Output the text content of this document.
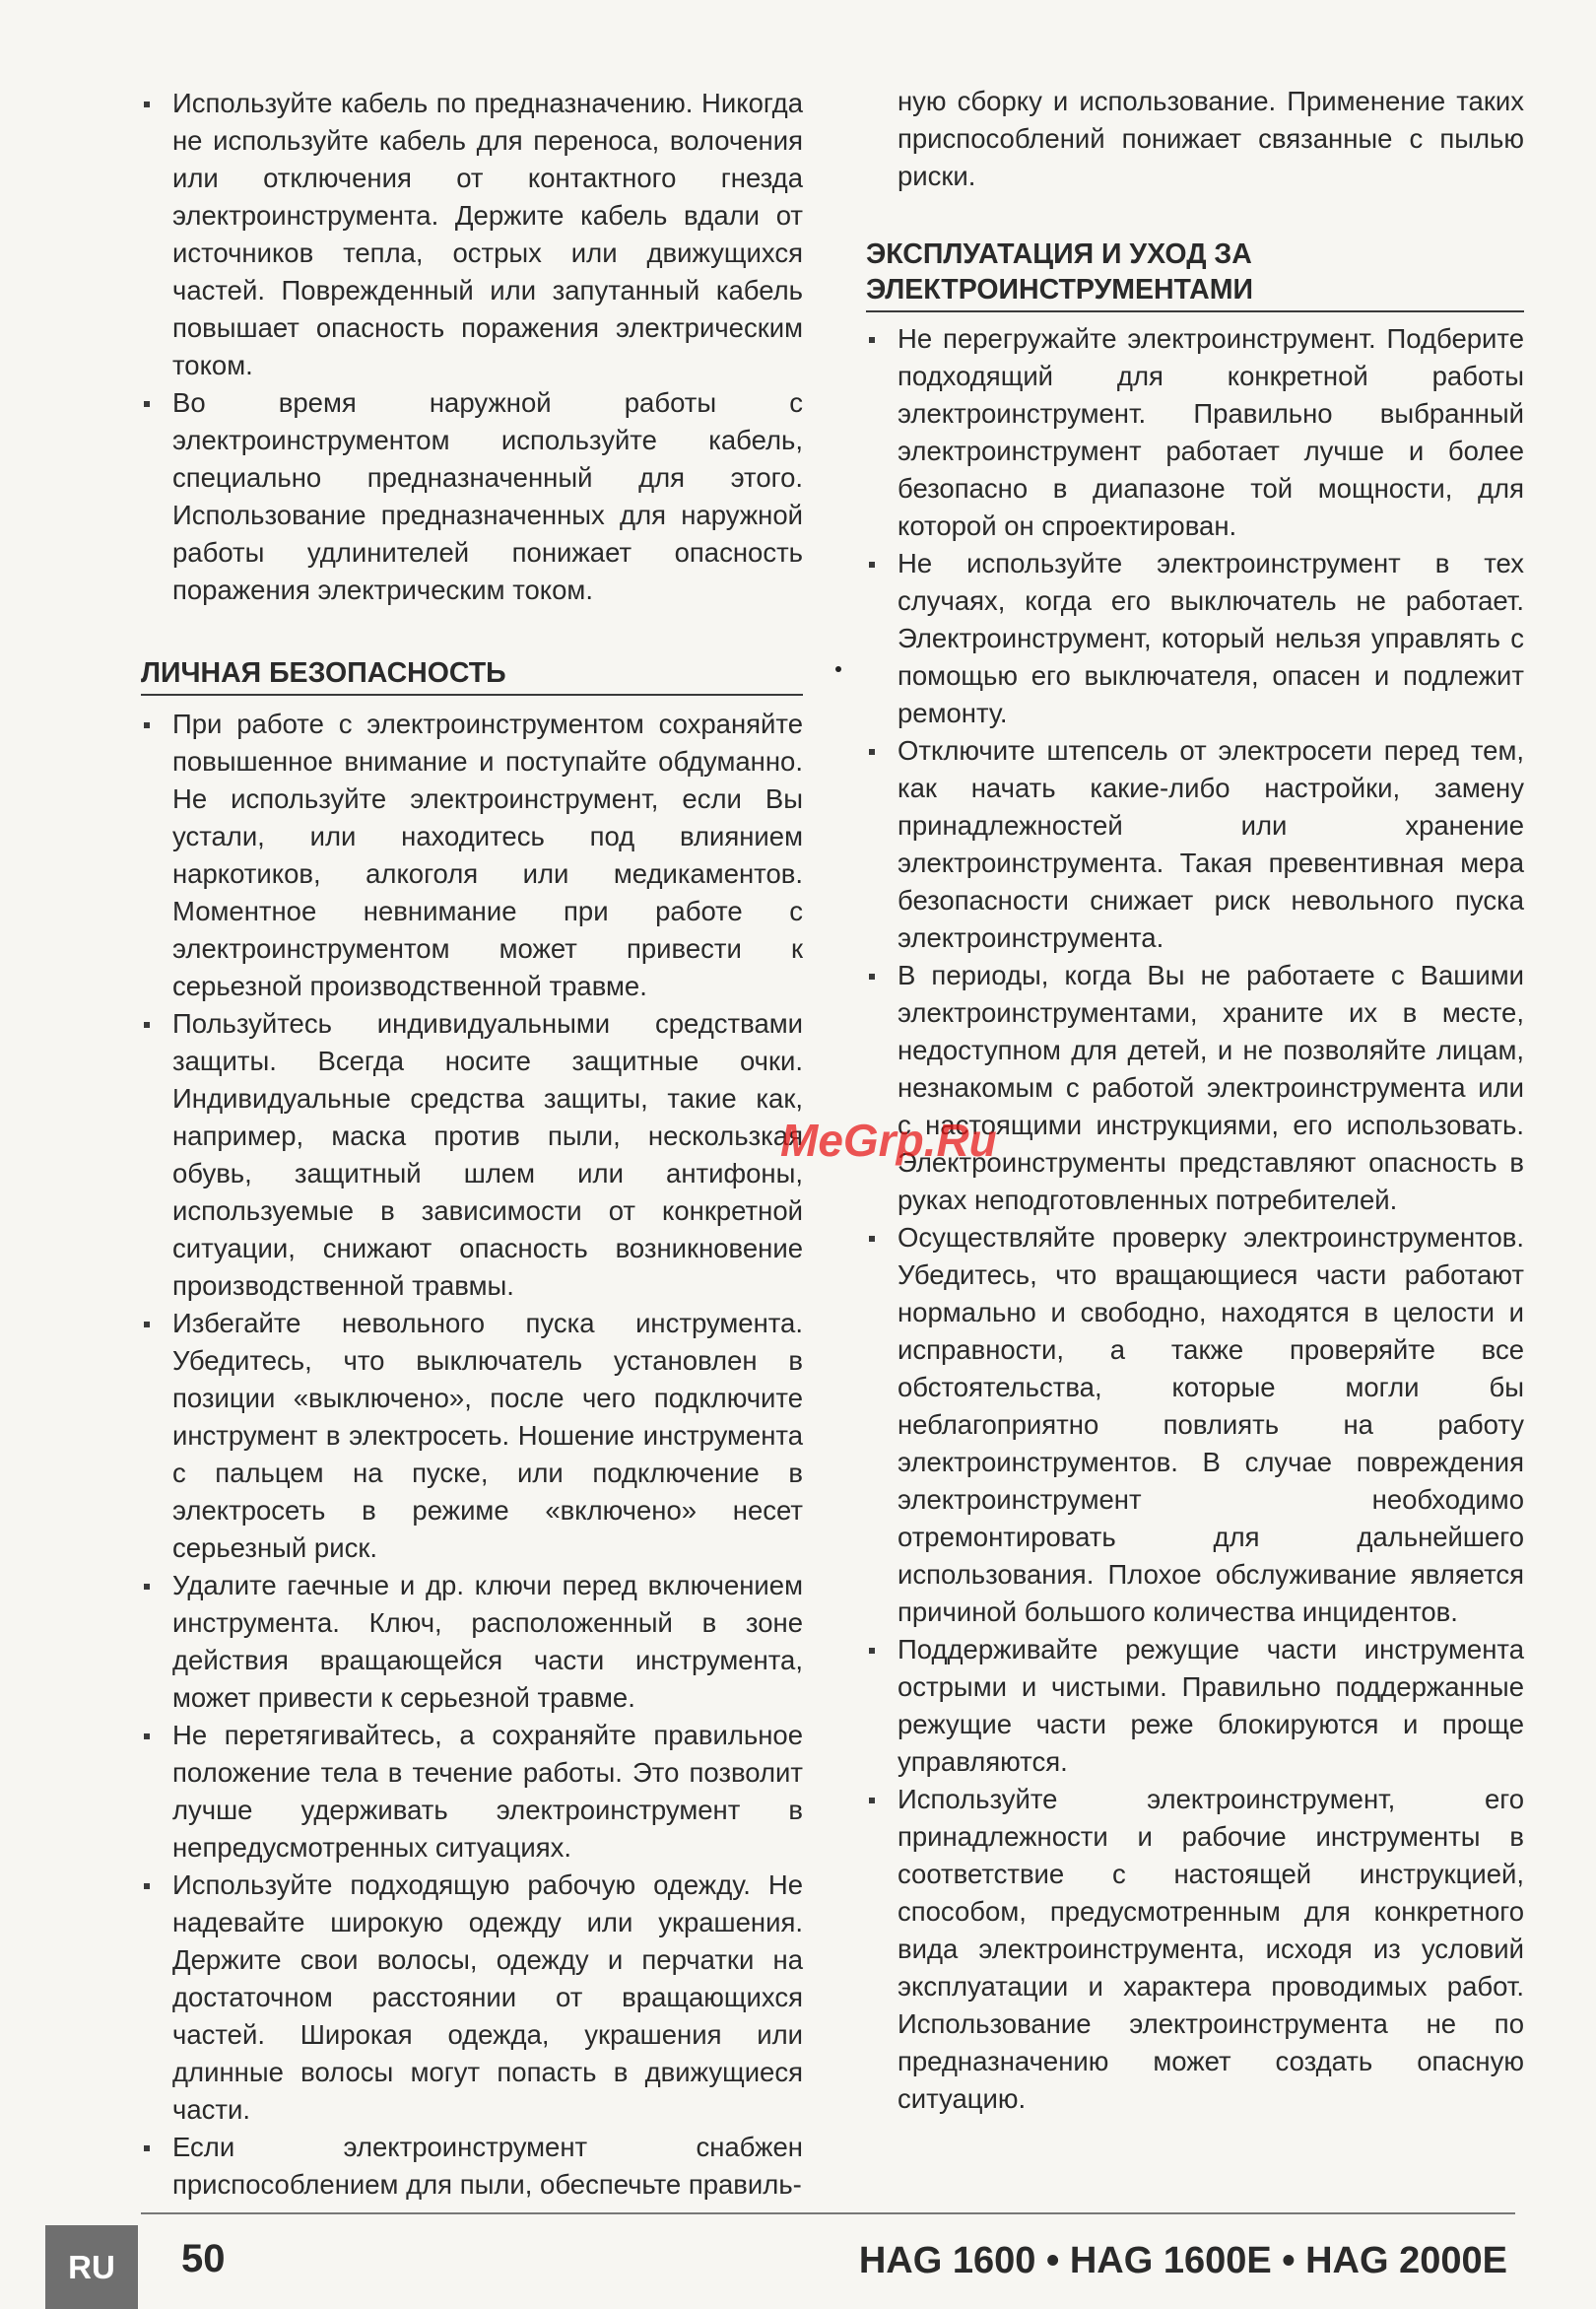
Используйте кабель по предназначению. Никогда не используйте кабель для переноса, волочения или отключения от контактного гнезда электроинструмента. Держите кабель вдали от источников тепла, острых или движущихся частей. Поврежденный или запутанный кабель повышает опасность поражения электрическим током.

Во время наружной работы с электроинструментом используйте кабель, специально предназначенный для этого. Использование предназначенных для наружной работы удлинителей понижает опасность поражения электрическим током.

ЛИЧНАЯ БЕЗОПАСНОСТЬ

При работе с электроинструментом сохраняйте повышенное внимание и поступайте обдуманно. Не используйте электроинструмент, если Вы устали, или находитесь под влиянием наркотиков, алкоголя или медикаментов. Моментное невнимание при работе с электроинструментом может привести к серьезной производственной травме.

Пользуйтесь индивидуальными средствами защиты. Всегда носите защитные очки. Индивидуальные средства защиты, такие как, например, маска против пыли, нескользкая обувь, защитный шлем или антифоны, используемые в зависимости от конкретной ситуации, снижают опасность возникновение производственной травмы.

Избегайте невольного пуска инструмента. Убедитесь, что выключатель установлен в позиции «выключено», после чего подключите инструмент в электросеть. Ношение инструмента с пальцем на пуске, или подключение в электросеть в режиме «включено» несет серьезный риск.

Удалите гаечные и др. ключи перед включением инструмента. Ключ, расположенный в зоне действия вращающейся части инструмента, может привести к серьезной травме.

Не перетягивайтесь, а сохраняйте правильное положение тела в течение работы. Это позволит лучше удерживать электроинструмент в непредусмотренных ситуациях.

Используйте подходящую рабочую одежду. Не надевайте широкую одежду или украшения. Держите свои волосы, одежду и перчатки на достаточном расстоянии от вращающихся частей. Широкая одежда, украшения или длинные волосы могут попасть в движущиеся части.

Если электроинструмент снабжен приспособлением для пыли, обеспечьте правиль-

ную сборку и использование. Применение таких приспособлений понижает связанные с пылью риски.

ЭКСПЛУАТАЦИЯ И УХОД ЗА
ЭЛЕКТРОИНСТРУМЕНТАМИ

Не перегружайте электроинструмент. Подберите подходящий для конкретной работы электроинструмент. Правильно выбранный электроинструмент работает лучше и более безопасно в диапазоне той мощности, для которой он спроектирован.

Не используйте электроинструмент в тех случаях, когда его выключатель не работает. Электроинструмент, который нельзя управлять с помощью его выключателя, опасен и подлежит ремонту.

Отключите штепсель от электросети перед тем, как начать какие-либо настройки, замену принадлежностей или хранение электроинструмента. Такая превентивная мера безопасности снижает риск невольного пуска электроинструмента.

В периоды, когда Вы не работаете с Вашими электроинструментами, храните их в месте, недоступном для детей, и не позволяйте лицам, незнакомым с работой электроинструмента или с настоящими инструкциями, его использовать. Электроинструменты представляют опасность в руках неподготовленных потребителей.

Осуществляйте проверку электроинструментов. Убедитесь, что вращающиеся части работают нормально и свободно, находятся в целости и исправности, а также проверяйте все обстоятельства, которые могли бы неблагоприятно повлиять на работу электроинструментов. В случае повреждения электроинструмент необходимо отремонтировать для дальнейшего использования. Плохое обслуживание является причиной большого количества инцидентов.

Поддерживайте режущие части инструмента острыми и чистыми. Правильно поддержанные режущие части реже блокируются и проще управляются.

Используйте электроинструмент, его принадлежности и рабочие инструменты в соответствие с настоящей инструкцией, способом, предусмотренным для конкретного вида электроинструмента, исходя из условий эксплуатации и характера проводимых работ. Использование электроинструмента не по предназначению может создать опасную ситуацию.

MeGrp.Ru
RU	50	HAG 1600 • HAG 1600E • HAG 2000E
